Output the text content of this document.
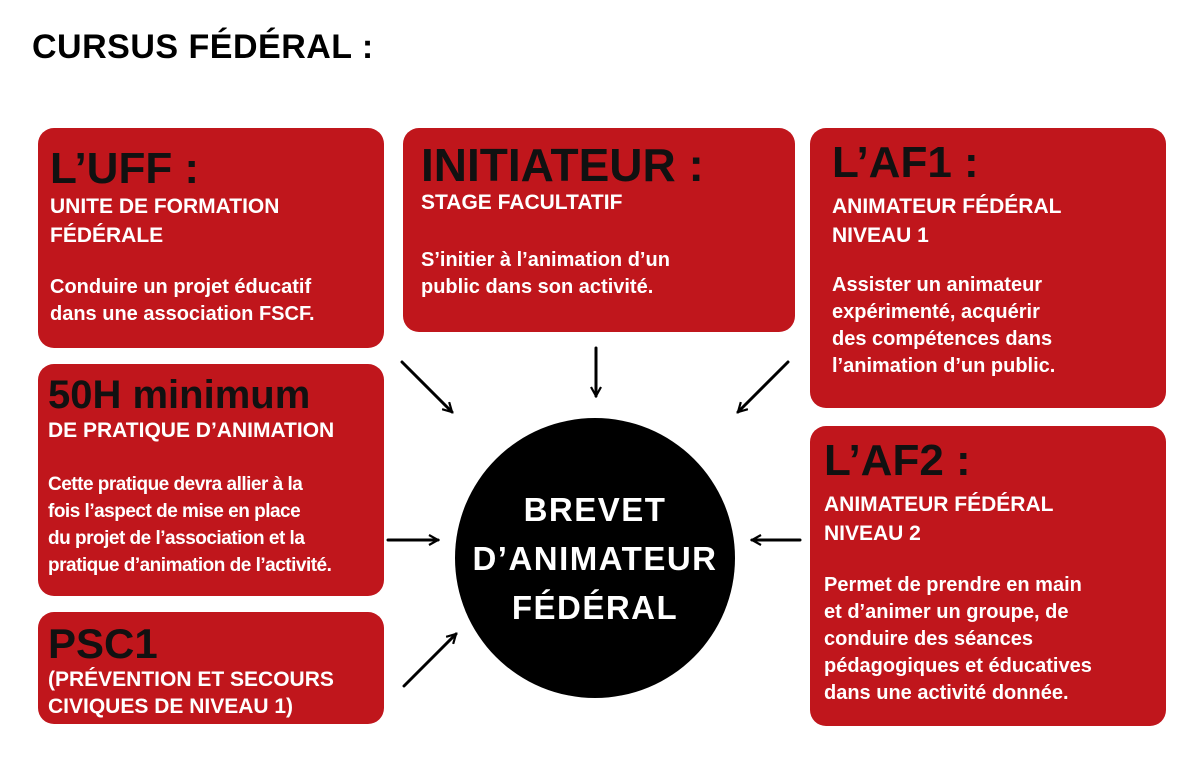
CURSUS FÉDÉRAL :
L’UFF :
UNITE DE FORMATION
FÉDÉRALE
Conduire un projet éducatif
dans une association FSCF.
INITIATEUR :
STAGE FACULTATIF
S’initier à l’animation d’un
public dans son activité.
L’AF1 :
ANIMATEUR FÉDÉRAL
NIVEAU 1
Assister un animateur
expérimenté, acquérir
des compétences dans
l’animation d’un public.
50H minimum
DE PRATIQUE D’ANIMATION
Cette pratique devra allier à la
fois l’aspect de mise en place
du projet de l’association et la
pratique d’animation de l’activité.
L’AF2 :
ANIMATEUR FÉDÉRAL
NIVEAU 2
Permet de prendre en main
et d’animer un groupe, de
conduire des séances
pédagogiques et éducatives
dans une activité donnée.
PSC1
(PRÉVENTION ET SECOURS
CIVIQUES DE NIVEAU 1)
BREVET
D’ANIMATEUR
FÉDÉRAL
